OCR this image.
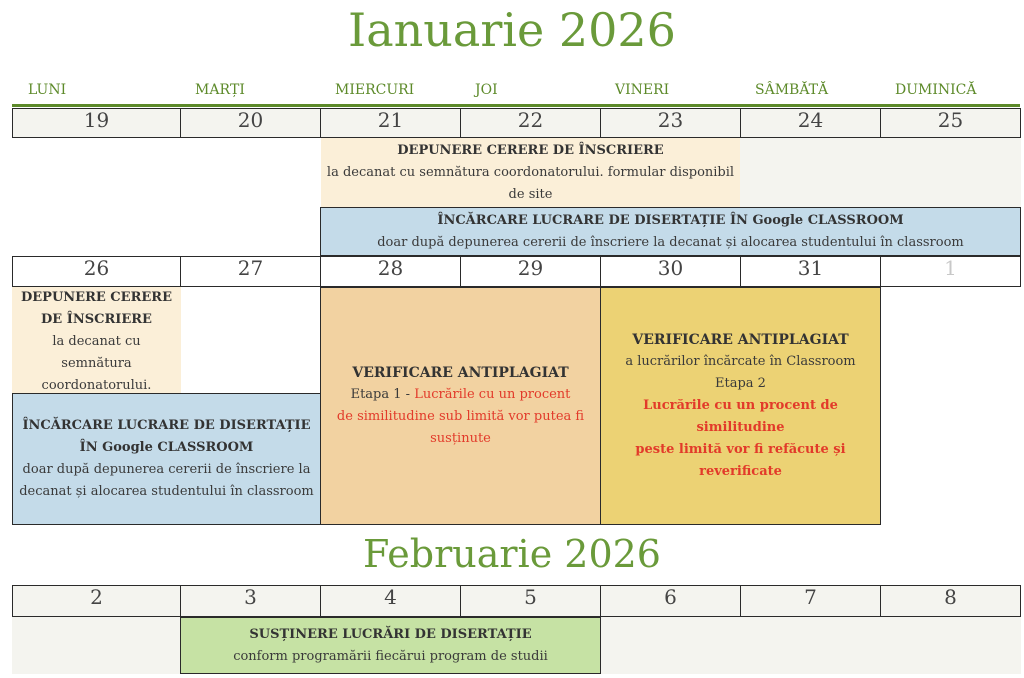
Ianuarie 2026
LUNI	MARȚI	MIERCURI	JOI	VINERI	SÂMBĂTĂ	DUMINICĂ
19	20	21	22	23	24	25
DEPUNERE CERERE DE ÎNSCRIERE
la decanat cu semnătura coordonatorului. formular disponibil de site
ÎNCĂRCARE LUCRARE DE DISERTAȚIE ÎN Google CLASSROOM
doar după depunerea cererii de înscriere la decanat și alocarea studentului în classroom
26	27	28	29	30	31	1
DEPUNERE CERERE
DE ÎNSCRIERE
la decanat cu semnătura
coordonatorului.
ÎNCĂRCARE LUCRARE DE DISERTAȚIE
ÎN Google CLASSROOM
doar după depunerea cererii de înscriere la
decanat și alocarea studentului în classroom
VERIFICARE ANTIPLAGIAT
Etapa 1 - Lucrările cu un procent
de similitudine sub limită vor putea fi
susținute
VERIFICARE ANTIPLAGIAT
a lucrărilor încărcate în Classroom
Etapa 2
Lucrările cu un procent de similitudine
peste limită vor fi refăcute și reverificate
Februarie 2026
2	3	4	5	6	7	8
SUSȚINERE LUCRĂRI DE DISERTAȚIE
conform programării fiecărui program de studii
